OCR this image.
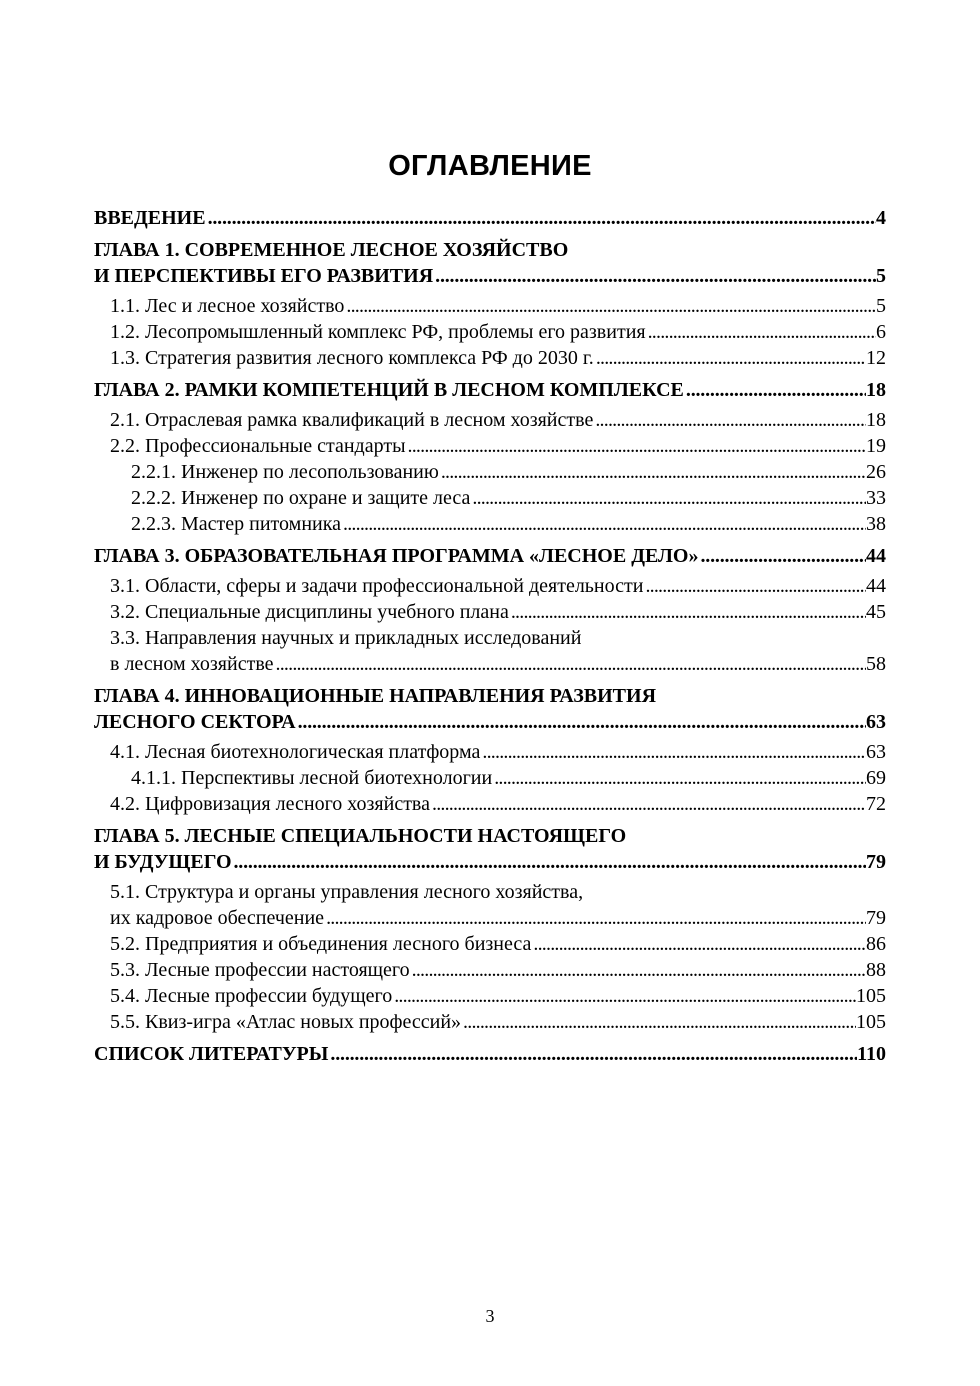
ОГЛАВЛЕНИЕ
ВВЕДЕНИЕ . . .	4
ГЛАВА 1. СОВРЕМЕННОЕ ЛЕСНОЕ ХОЗЯЙСТВО
И ПЕРСПЕКТИВЫ ЕГО РАЗВИТИЯ . . .	5
1.1. Лес и лесное хозяйство . . .	5
1.2. Лесопромышленный комплекс РФ, проблемы его развития . . .	6
1.3. Стратегия развития лесного комплекса РФ до 2030 г. . . .	12
ГЛАВА 2. РАМКИ КОМПЕТЕНЦИЙ В ЛЕСНОМ КОМПЛЕКСЕ . . .	18
2.1. Отраслевая рамка квалификаций в лесном хозяйстве . . .	18
2.2. Профессиональные стандарты . . .	19
2.2.1. Инженер по лесопользованию . . .	26
2.2.2. Инженер по охране и защите леса . . .	33
2.2.3. Мастер питомника . . .	38
ГЛАВА 3. ОБРАЗОВАТЕЛЬНАЯ ПРОГРАММА «ЛЕСНОЕ ДЕЛО» . . .	44
3.1. Области, сферы и задачи профессиональной деятельности . . .	44
3.2. Специальные дисциплины учебного плана . . .	45
3.3. Направления научных и прикладных исследований
в лесном хозяйстве . . .	58
ГЛАВА 4. ИННОВАЦИОННЫЕ НАПРАВЛЕНИЯ РАЗВИТИЯ
ЛЕСНОГО СЕКТОРА . . .	63
4.1. Лесная биотехнологическая платформа . . .	63
4.1.1. Перспективы лесной биотехнологии . . .	69
4.2. Цифровизация лесного хозяйства . . .	72
ГЛАВА 5. ЛЕСНЫЕ СПЕЦИАЛЬНОСТИ НАСТОЯЩЕГО
И БУДУЩЕГО . . .	79
5.1. Структура и органы управления лесного хозяйства,
их кадровое обеспечение . . .	79
5.2. Предприятия и объединения лесного бизнеса . . .	86
5.3. Лесные профессии настоящего . . .	88
5.4. Лесные профессии будущего . . .	105
5.5. Квиз-игра «Атлас новых профессий» . . .	105
СПИСОК ЛИТЕРАТУРЫ . . .	110
3
